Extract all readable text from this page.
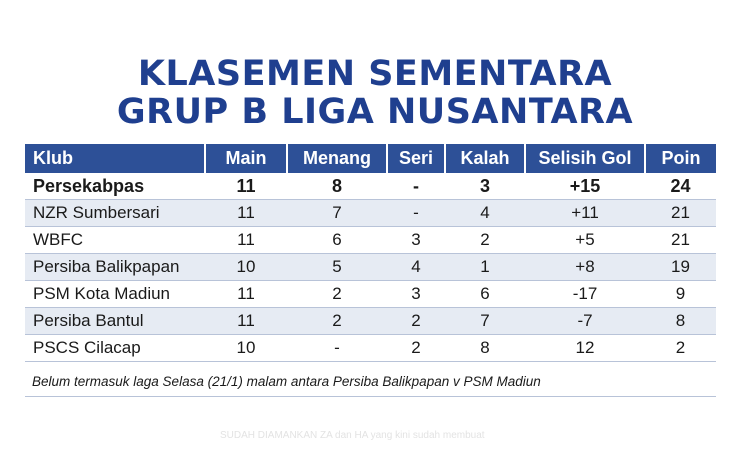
KLASEMEN SEMENTARA
GRUP B LIGA NUSANTARA
Klub	Main	Menang	Seri	Kalah	Selisih Gol	Poin
Persekabpas	11	8	-	3	+15	24
NZR Sumbersari	11	7	-	4	+11	21
WBFC	11	6	3	2	+5	21
Persiba Balikpapan	10	5	4	1	+8	19
PSM Kota Madiun	11	2	3	6	-17	9
Persiba Bantul	11	2	2	7	-7	8
PSCS Cilacap	10	-	2	8	12	2
Belum termasuk laga Selasa (21/1) malam antara Persiba Balikpapan v PSM Madiun
SUDAH DIAMANKAN ZA dan HA yang kini sudah membuat
